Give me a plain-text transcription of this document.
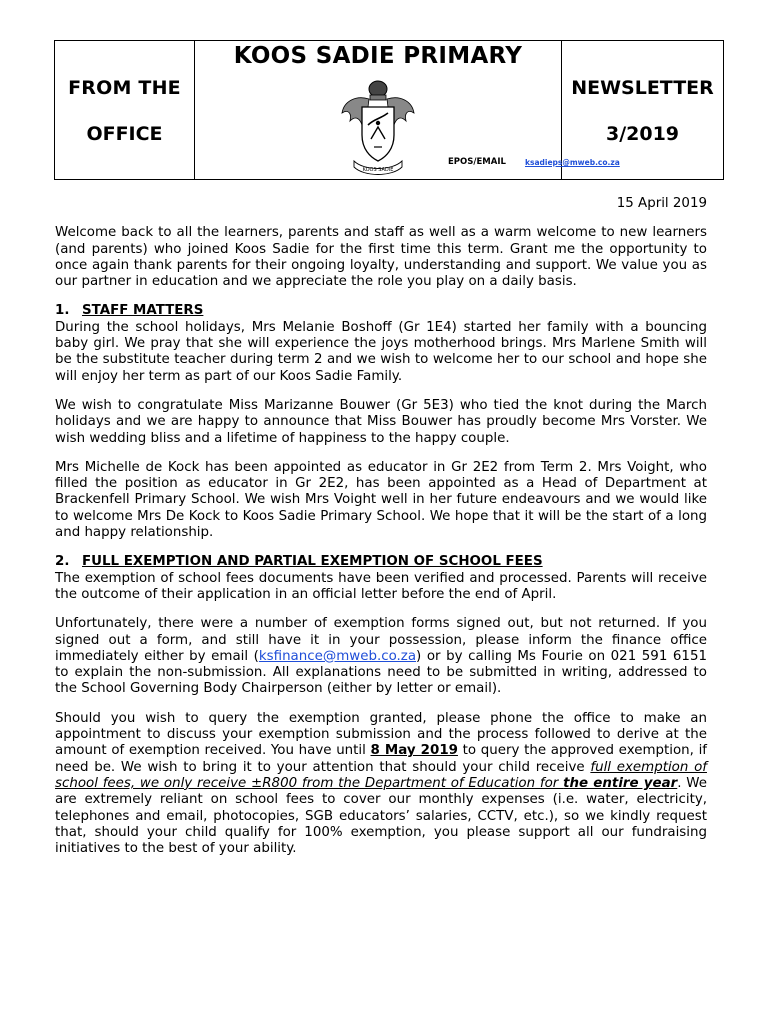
FROM THE
OFFICE
KOOS SADIE PRIMARY
KOOS SADIE
EPOS/EMAIL	ksadieps@mweb.co.za
NEWSLETTER
3/2019
15 April 2019

Welcome back to all the learners, parents and staff as well as a warm welcome to new learners (and parents) who joined Koos Sadie for the first time this term. Grant me the opportunity to once again thank parents for their ongoing loyalty, understanding and support. We value you as our partner in education and we appreciate the role you play on a daily basis.

1. STAFF MATTERS

During the school holidays, Mrs Melanie Boshoff (Gr 1E4) started her family with a bouncing baby girl. We pray that she will experience the joys motherhood brings. Mrs Marlene Smith will be the substitute teacher during term 2 and we wish to welcome her to our school and hope she will enjoy her term as part of our Koos Sadie Family.

We wish to congratulate Miss Marizanne Bouwer (Gr 5E3) who tied the knot during the March holidays and we are happy to announce that Miss Bouwer has proudly become Mrs Vorster. We wish wedding bliss and a lifetime of happiness to the happy couple.

Mrs Michelle de Kock has been appointed as educator in Gr 2E2 from Term 2. Mrs Voight, who filled the position as educator in Gr 2E2, has been appointed as a Head of Department at Brackenfell Primary School. We wish Mrs Voight well in her future endeavours and we would like to welcome Mrs De Kock to Koos Sadie Primary School. We hope that it will be the start of a long and happy relationship.

2. FULL EXEMPTION AND PARTIAL EXEMPTION OF SCHOOL FEES

The exemption of school fees documents have been verified and processed. Parents will receive the outcome of their application in an official letter before the end of April.

Unfortunately, there were a number of exemption forms signed out, but not returned. If you signed out a form, and still have it in your possession, please inform the finance office immediately either by email (ksfinance@mweb.co.za) or by calling Ms Fourie on 021 591 6151 to explain the non-submission. All explanations need to be submitted in writing, addressed to the School Governing Body Chairperson (either by letter or email).

Should you wish to query the exemption granted, please phone the office to make an appointment to discuss your exemption submission and the process followed to derive at the amount of exemption received. You have until 8 May 2019 to query the approved exemption, if need be. We wish to bring it to your attention that should your child receive full exemption of school fees, we only receive ±R800 from the Department of Education for the entire year. We are extremely reliant on school fees to cover our monthly expenses (i.e. water, electricity, telephones and email, photocopies, SGB educators’ salaries, CCTV, etc.), so we kindly request that, should your child qualify for 100% exemption, you please support all our fundraising initiatives to the best of your ability.
